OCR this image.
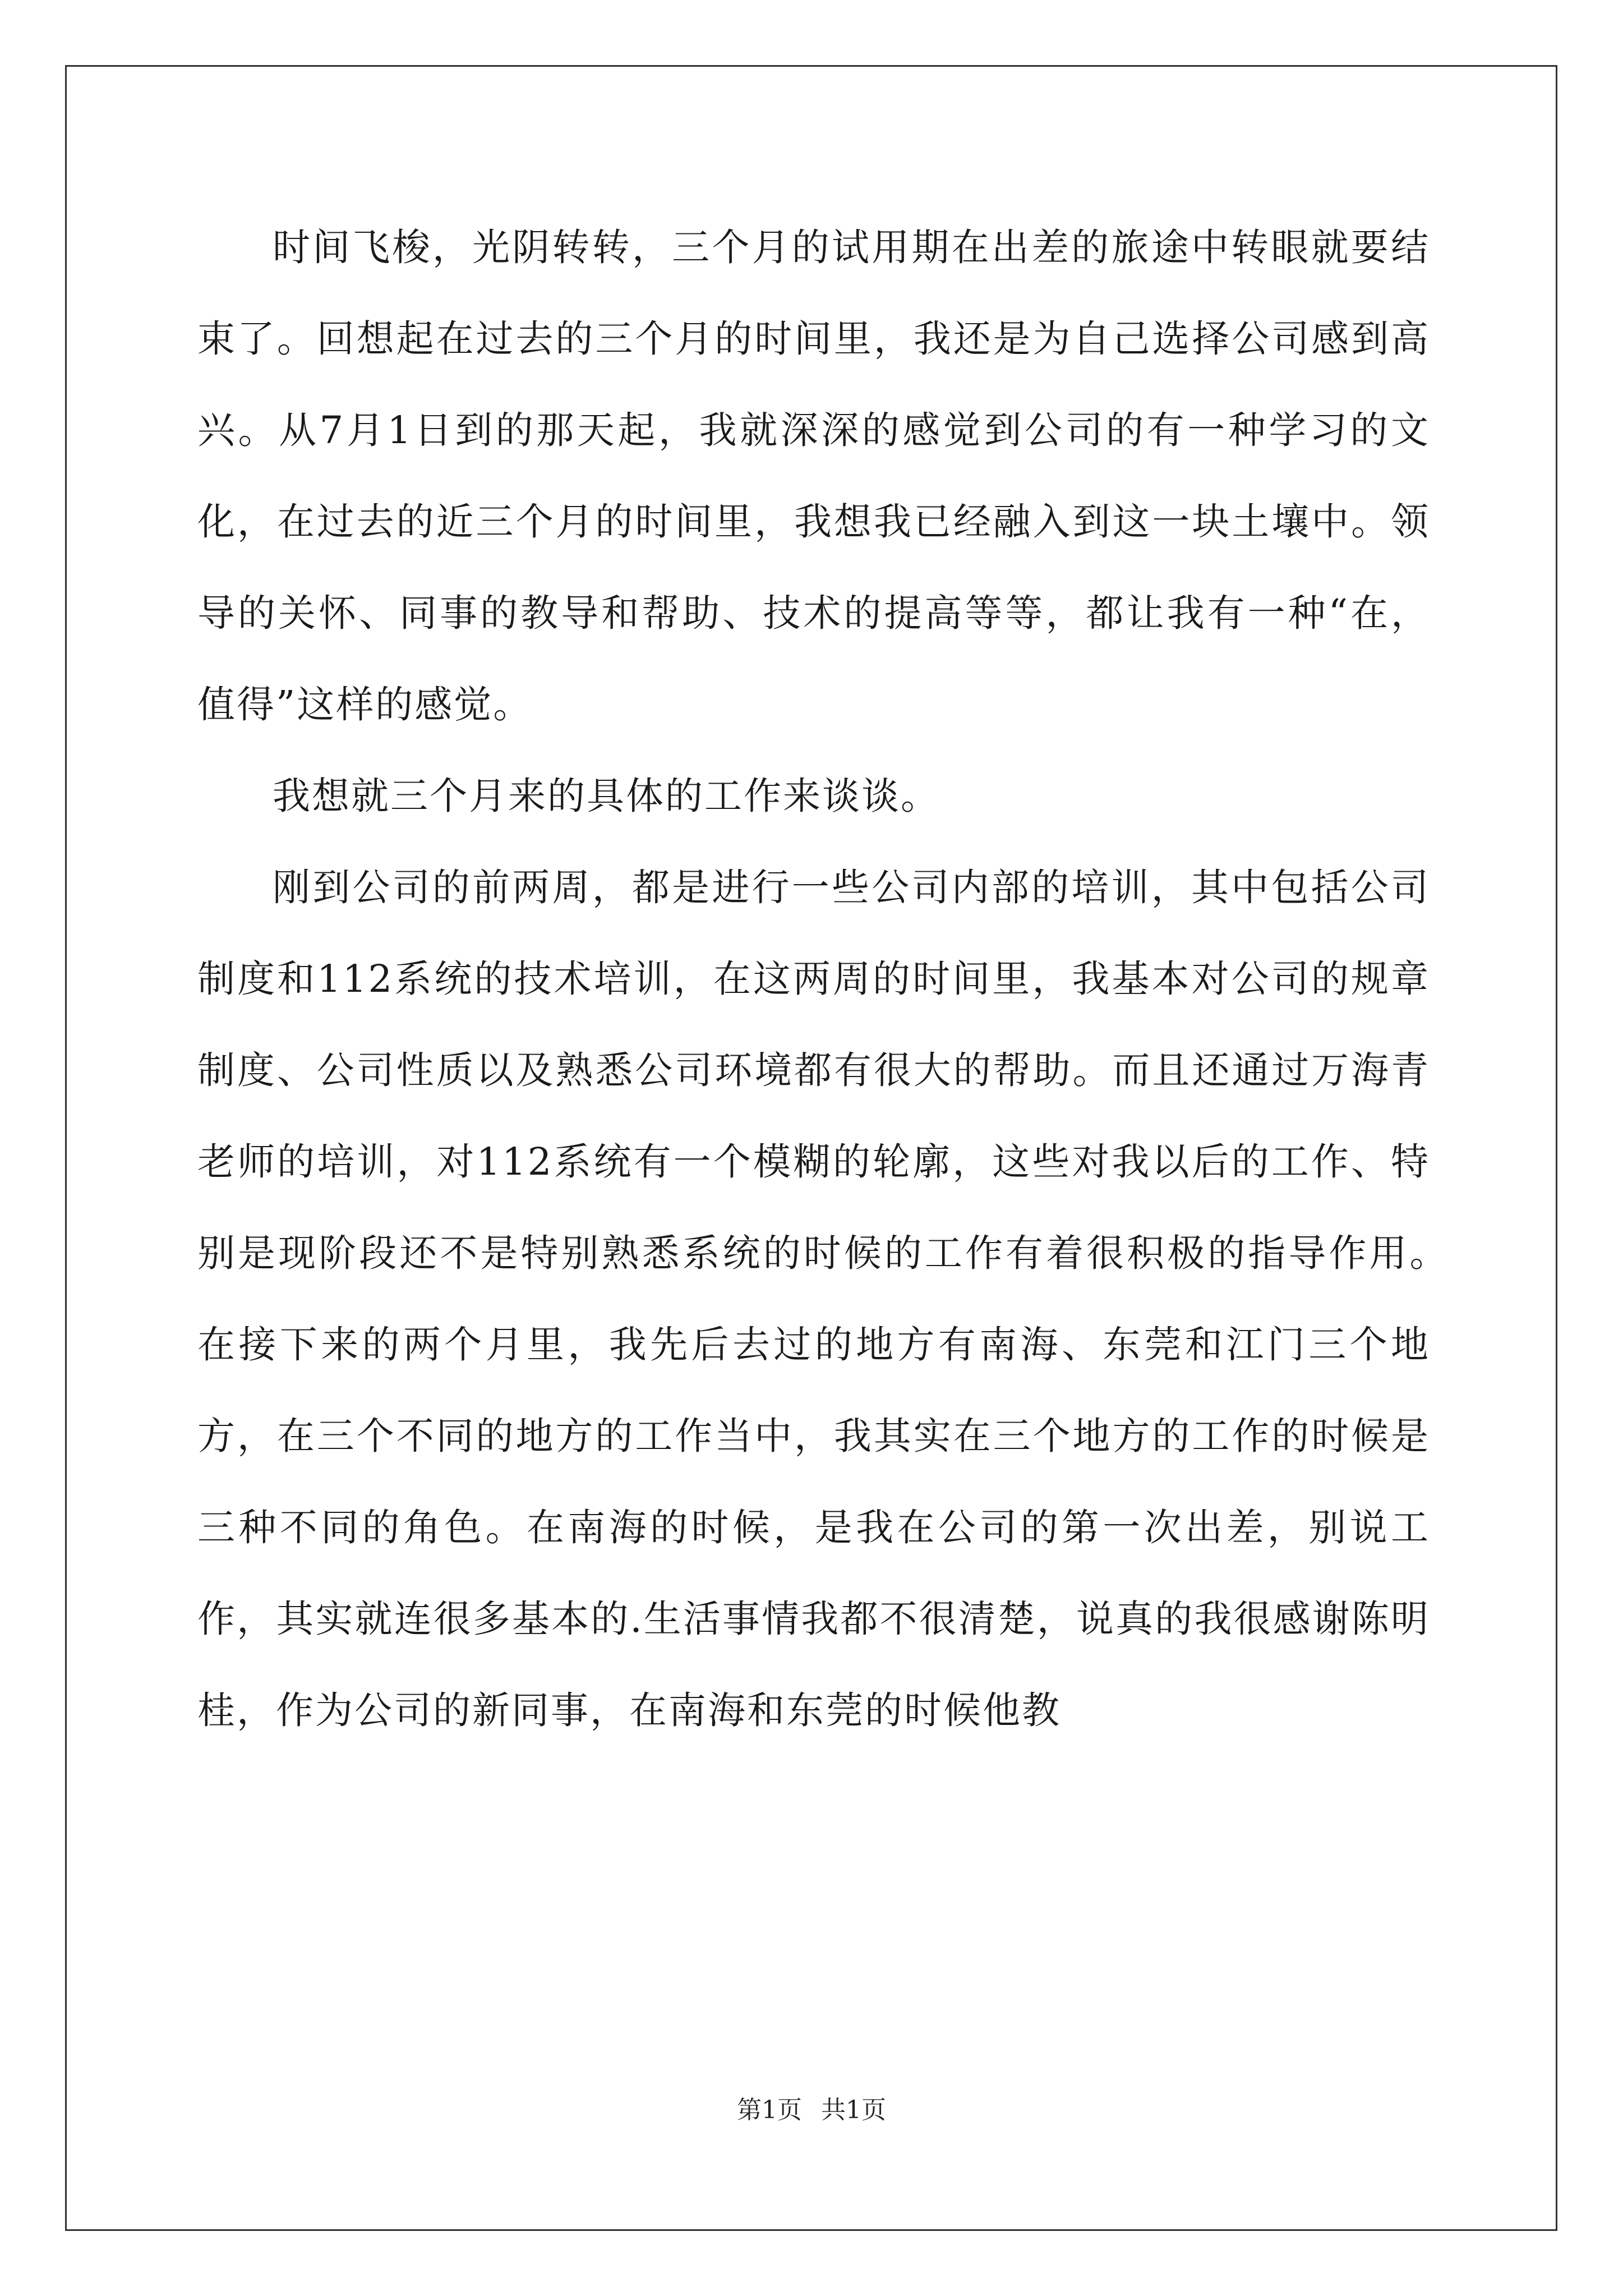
时间飞梭，光阴转转，三个月的试用期在出差的旅途中转眼就要结束了。回想起在过去的三个月的时间里，我还是为自己选择公司感到高兴。从7月1日到的那天起，我就深深的感觉到公司的有一种学习的文化，在过去的近三个月的时间里，我想我已经融入到这一块土壤中。领导的关怀、同事的教导和帮助、技术的提高等等，都让我有一种“在，值得”这样的感觉。

我想就三个月来的具体的工作来谈谈。

刚到公司的前两周，都是进行一些公司内部的培训，其中包括公司制度和112系统的技术培训，在这两周的时间里，我基本对公司的规章制度、公司性质以及熟悉公司环境都有很大的帮助。而且还通过万海青老师的培训，对112系统有一个模糊的轮廓，这些对我以后的工作、特别是现阶段还不是特别熟悉系统的时候的工作有着很积极的指导作用。　在接下来的两个月里，我先后去过的地方有南海、东莞和江门三个地方，在三个不同的地方的工作当中，我其实在三个地方的工作的时候是三种不同的角色。在南海的时候，是我在公司的第一次出差，别说工作，其实就连很多基本的.生活事情我都不很清楚，说真的我很感谢陈明桂，作为公司的新同事，在南海和东莞的时候他教

第1页 共1页
